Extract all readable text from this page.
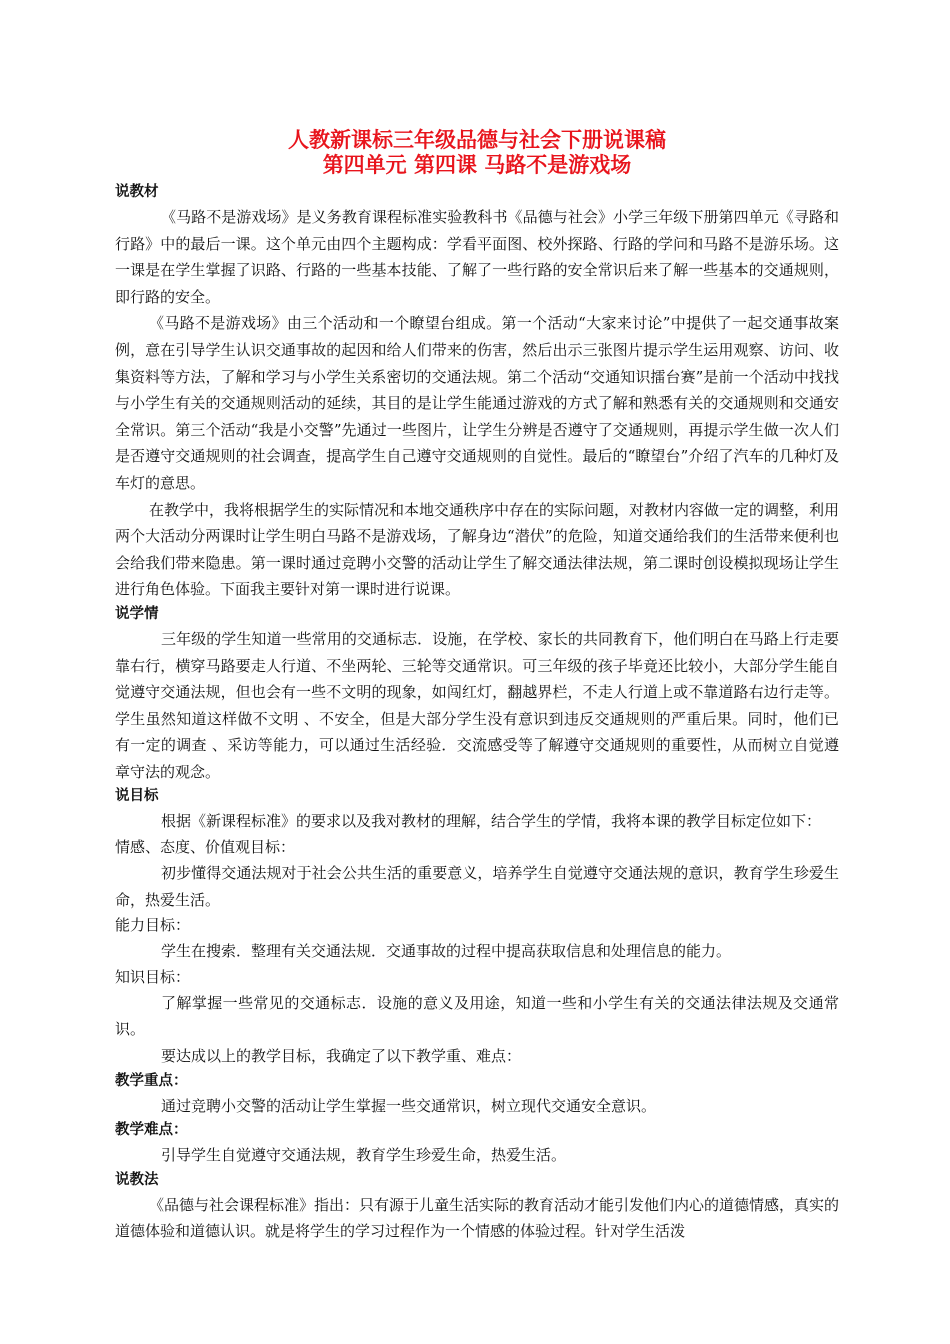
人教新课标三年级品德与社会下册说课稿
第四单元 第四课 马路不是游戏场
说教材

《马路不是游戏场》是义务教育课程标准实验教科书《品德与社会》小学三年级下册第四单元《寻路和行路》中的最后一课。这个单元由四个主题构成：学看平面图、校外探路、行路的学问和马路不是游乐场。这一课是在学生掌握了识路、行路的一些基本技能、了解了一些行路的安全常识后来了解一些基本的交通规则，即行路的安全。

《马路不是游戏场》由三个活动和一个瞭望台组成。第一个活动“大家来讨论”中提供了一起交通事故案例，意在引导学生认识交通事故的起因和给人们带来的伤害，然后出示三张图片提示学生运用观察、访问、收集资料等方法，了解和学习与小学生关系密切的交通法规。第二个活动“交通知识擂台赛”是前一个活动中找找与小学生有关的交通规则活动的延续，其目的是让学生能通过游戏的方式了解和熟悉有关的交通规则和交通安全常识。第三个活动“我是小交警”先通过一些图片，让学生分辨是否遵守了交通规则，再提示学生做一次人们是否遵守交通规则的社会调查，提高学生自己遵守交通规则的自觉性。最后的“瞭望台”介绍了汽车的几种灯及车灯的意思。

在教学中，我将根据学生的实际情况和本地交通秩序中存在的实际问题，对教材内容做一定的调整，利用两个大活动分两课时让学生明白马路不是游戏场，了解身边“潜伏”的危险，知道交通给我们的生活带来便利也会给我们带来隐患。第一课时通过竞聘小交警的活动让学生了解交通法律法规，第二课时创设模拟现场让学生进行角色体验。下面我主要针对第一课时进行说课。

说学情

三年级的学生知道一些常用的交通标志．设施，在学校、家长的共同教育下，他们明白在马路上行走要靠右行，横穿马路要走人行道、不坐两轮、三轮等交通常识。可三年级的孩子毕竟还比较小，大部分学生能自觉遵守交通法规，但也会有一些不文明的现象，如闯红灯，翻越界栏，不走人行道上或不靠道路右边行走等。学生虽然知道这样做不文明 、不安全，但是大部分学生没有意识到违反交通规则的严重后果。同时，他们已有一定的调查 、采访等能力，可以通过生活经验．交流感受等了解遵守交通规则的重要性，从而树立自觉遵章守法的观念。

说目标

根据《新课程标准》的要求以及我对教材的理解，结合学生的学情，我将本课的教学目标定位如下：

情感、态度、价值观目标：

初步懂得交通法规对于社会公共生活的重要意义，培养学生自觉遵守交通法规的意识，教育学生珍爱生命，热爱生活。

能力目标：

学生在搜索．整理有关交通法规．交通事故的过程中提高获取信息和处理信息的能力。

知识目标：

了解掌握一些常见的交通标志．设施的意义及用途，知道一些和小学生有关的交通法律法规及交通常识。

要达成以上的教学目标，我确定了以下教学重、难点：

教学重点：

通过竞聘小交警的活动让学生掌握一些交通常识，树立现代交通安全意识。

教学难点：

引导学生自觉遵守交通法规，教育学生珍爱生命，热爱生活。

说教法

《品德与社会课程标准》指出：只有源于儿童生活实际的教育活动才能引发他们内心的道德情感，真实的道德体验和道德认识。就是将学生的学习过程作为一个情感的体验过程。针对学生活泼
